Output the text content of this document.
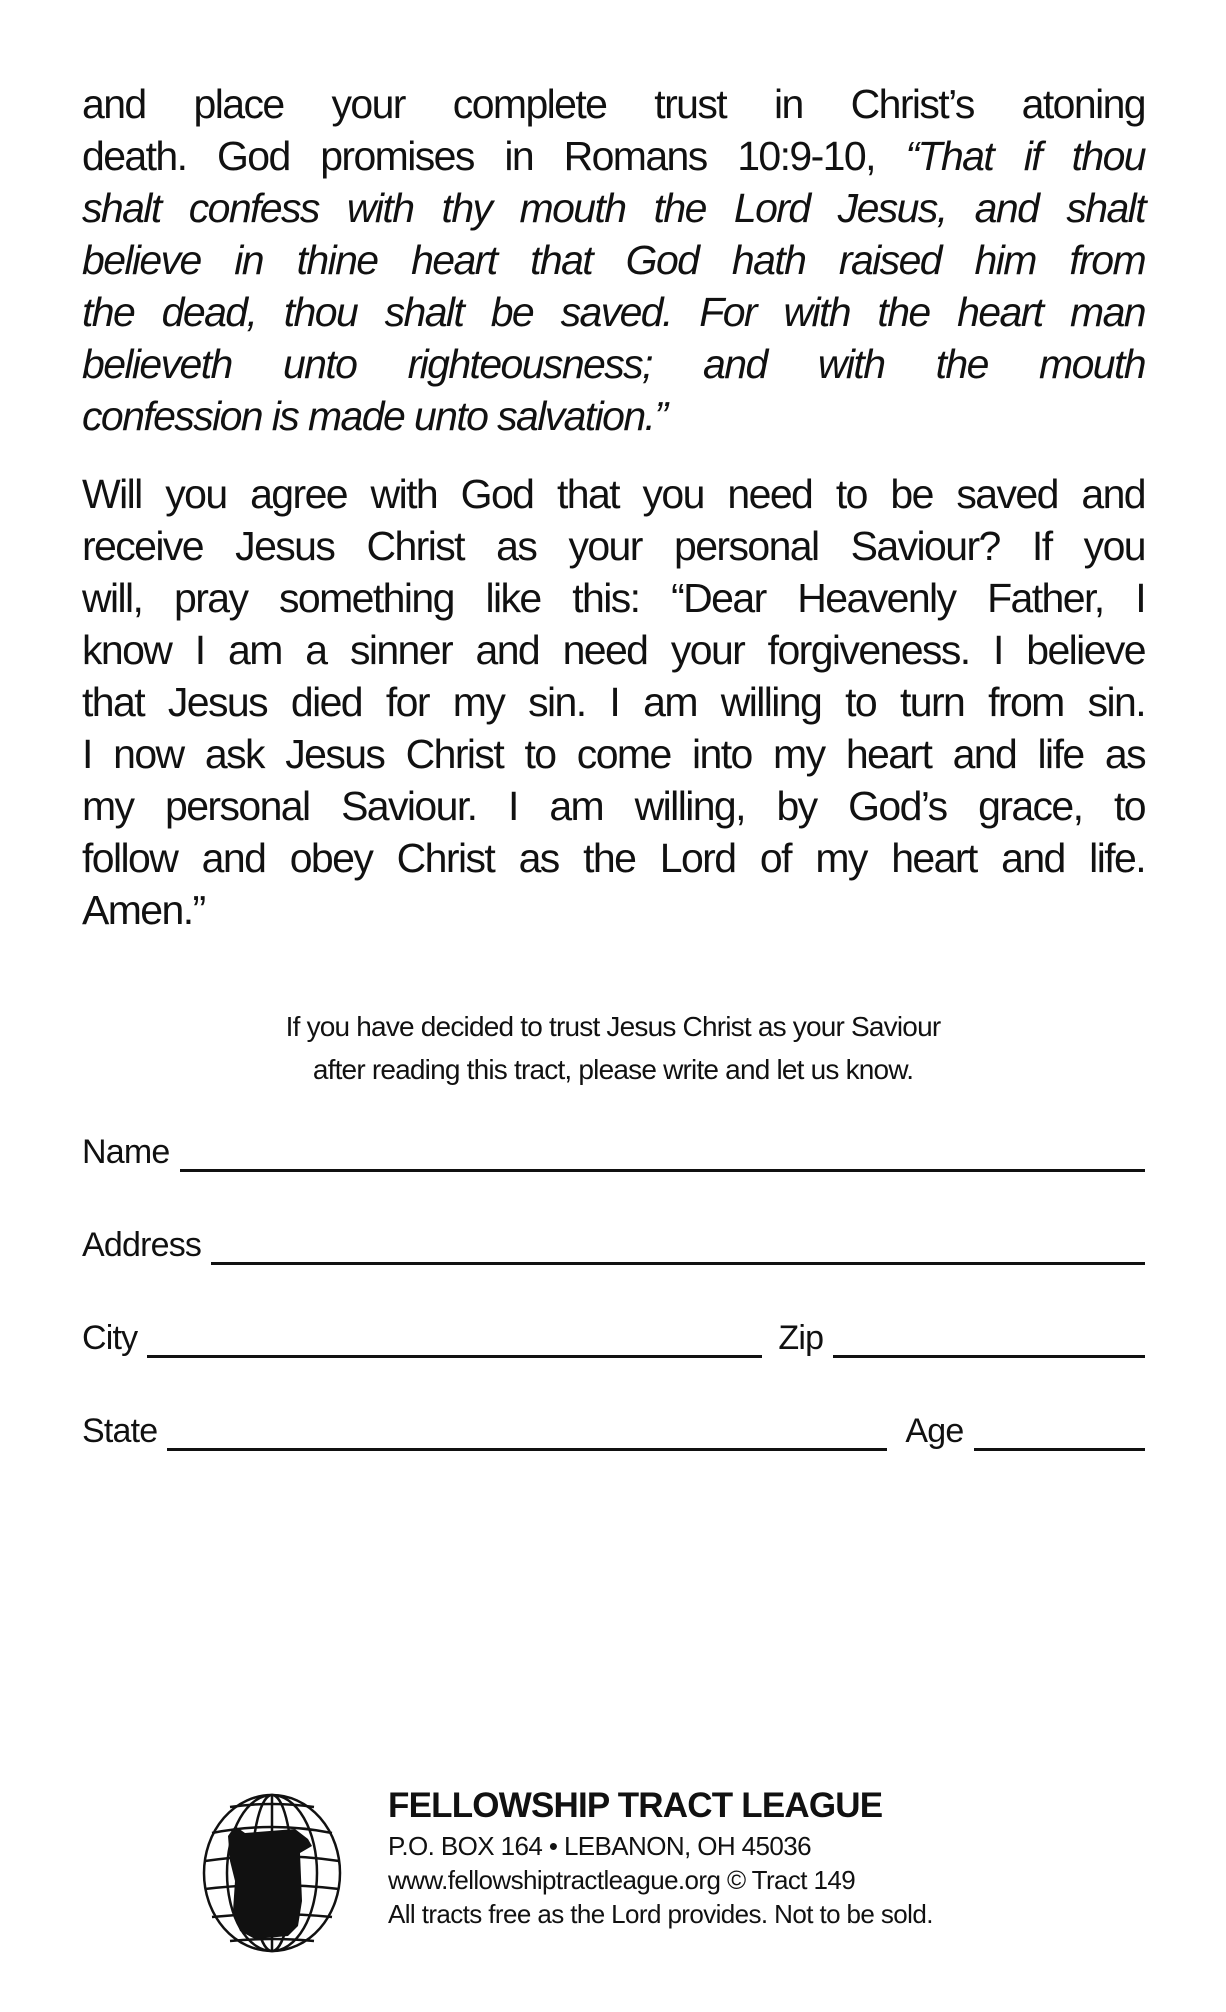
and place your complete trust in Christ’s atoning
death. God promises in Romans 10:9-10, “That if thou
shalt confess with thy mouth the Lord Jesus, and shalt
believe in thine heart that God hath raised him from
the dead, thou shalt be saved. For with the heart man
believeth unto righteousness; and with the mouth
confession is made unto salvation.”
Will you agree with God that you need to be saved and
receive Jesus Christ as your personal Saviour? If you
will, pray something like this: “Dear Heavenly Father, I
know I am a sinner and need your forgiveness. I believe
that Jesus died for my sin. I am willing to turn from sin.
I now ask Jesus Christ to come into my heart and life as
my personal Saviour. I am willing, by God’s grace, to
follow and obey Christ as the Lord of my heart and life.
Amen.”
If you have decided to trust Jesus Christ as your Saviour
after reading this tract, please write and let us know.
Name
Address
City	Zip
State	Age
FELLOWSHIP TRACT LEAGUE
P.O. BOX 164 • LEBANON, OH 45036
www.fellowshiptractleague.org © Tract 149
All tracts free as the Lord provides. Not to be sold.
